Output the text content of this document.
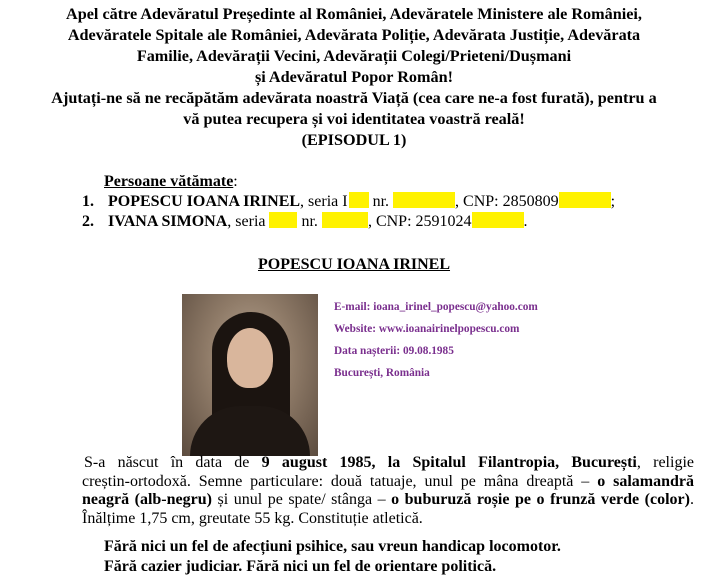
Apel către Adevăratul Președinte al României, Adevăratele Ministere ale României,
Adevăratele Spitale ale României, Adevărata Poliție, Adevărata Justiție, Adevărata
Familie, Adevărații Vecini, Adevărații Colegi/Prieteni/Dușmani
și Adevăratul Popor Român!
Ajutați-ne să ne recăpătăm adevărata noastră Viață (cea care ne-a fost furată), pentru a
vă putea recupera și voi identitatea voastră reală!
(EPISODUL 1)
Persoane vătămate:
1. POPESCU IOANA IRINEL, seria I nr.	, CNP: 2850809	;
2. IVANA SIMONA, seria nr.	, CNP: 2591024	.
POPESCU IOANA IRINEL
E-mail: ioana_irinel_popescu@yahoo.com
Website: www.ioanairinelpopescu.com
Data nașterii: 09.08.1985
București, România
S-a născut în data de 9 august 1985, la Spitalul Filantropia, București, religie
creștin-ortodoxă. Semne particulare: două tatuaje, unul pe mâna dreaptă – o salamandră
neagră (alb-negru) și unul pe spate/ stânga – o buburuză roșie pe o frunză verde (color).
Înălțime 1,75 cm, greutate 55 kg. Constituție atletică.
Fără nici un fel de afecțiuni psihice, sau vreun handicap locomotor.
Fără cazier judiciar. Fără nici un fel de orientare politică.
